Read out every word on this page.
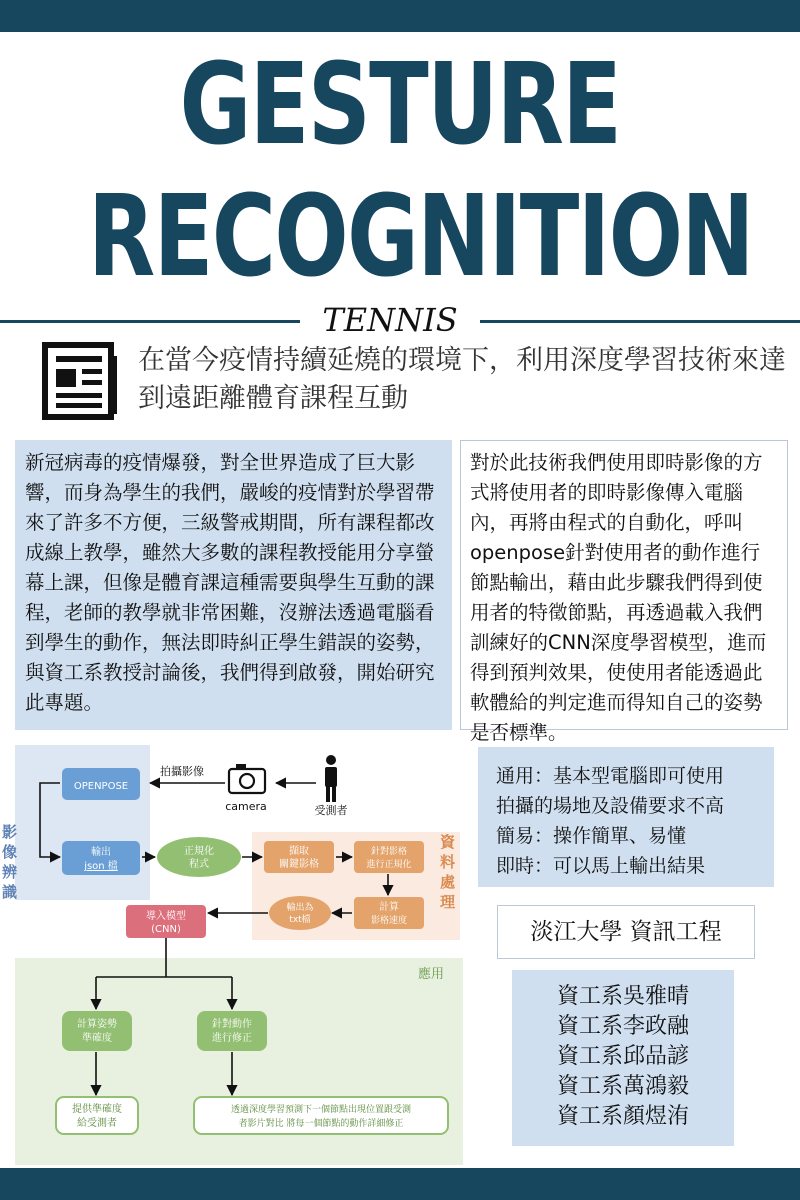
GESTURE
RECOGNITION
TENNIS
在當今疫情持續延燒的環境下，利用深度學習技術來達到遠距離體育課程互動
新冠病毒的疫情爆發，對全世界造成了巨大影響，而身為學生的我們，嚴峻的疫情對於學習帶來了許多不方便，三級警戒期間，所有課程都改成線上教學，雖然大多數的課程教授能用分享螢幕上課，但像是體育課這種需要與學生互動的課程，老師的教學就非常困難，沒辦法透過電腦看到學生的動作，無法即時糾正學生錯誤的姿勢，與資工系教授討論後，我們得到啟發，開始研究此專題。
對於此技術我們使用即時影像的方式將使用者的即時影像傳入電腦內，再將由程式的自動化，呼叫openpose針對使用者的動作進行節點輸出，藉由此步驟我們得到使用者的特徵節點，再透過載入我們訓練好的CNN深度學習模型，進而得到預判效果，使使用者能透過此軟體給的判定進而得知自己的姿勢是否標準。
影 像 辨 識
資 料 處 理
應用
拍攝影像
OPENPOSE
camera	受測者
輸出
json 檔
正規化
程式
擷取
關鍵影格
針對影格
進行正規化
計算
影格速度
輸出為
txt檔
導入模型
(CNN)
計算姿勢
準確度
針對動作
進行修正
提供準確度
給受測者
透過深度學習預測下一個節點出現位置跟受測
者影片對比 將每一個節點的動作詳細修正
通用：基本型電腦即可使用
拍攝的場地及設備要求不高
簡易：操作簡單、易懂
即時：可以馬上輸出結果
淡江大學 資訊工程
資工系吳雅晴
資工系李政融
資工系邱品諺
資工系萬鴻毅
資工系顏煜洧
